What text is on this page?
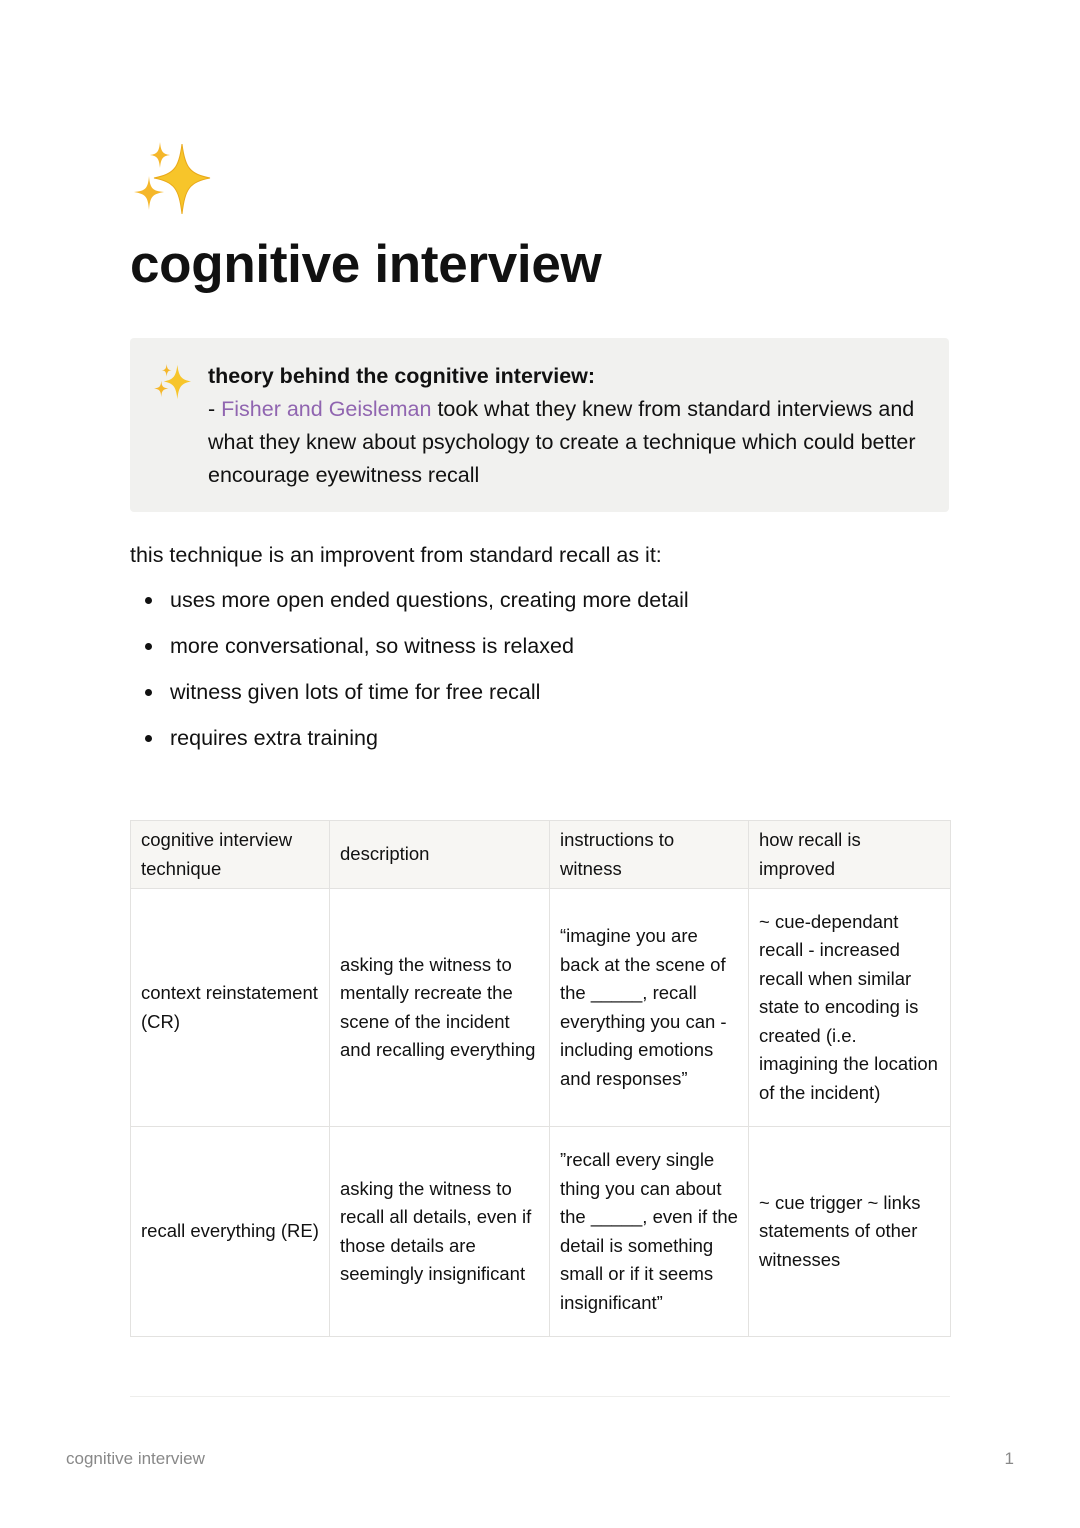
cognitive interview
theory behind the cognitive interview:
- Fisher and Geisleman took what they knew from standard interviews and what they knew about psychology to create a technique which could better encourage eyewitness recall
this technique is an improvent from standard recall as it:
uses more open ended questions, creating more detail
more conversational, so witness is relaxed
witness given lots of time for free recall
requires extra training
cognitive interview technique	description	instructions to witness	how recall is improved
context reinstatement (CR)	asking the witness to mentally recreate the scene of the incident and recalling everything	“imagine you are back at the scene of the _____, recall everything you can - including emotions and responses”	~ cue-dependant recall - increased recall when similar state to encoding is created (i.e. imagining the location of the incident)
recall everything (RE)	asking the witness to recall all details, even if those details are seemingly insignificant	”recall every single thing you can about the _____, even if the detail is something small or if it seems insignificant”	~ cue trigger ~ links statements of other witnesses
cognitive interview	1
